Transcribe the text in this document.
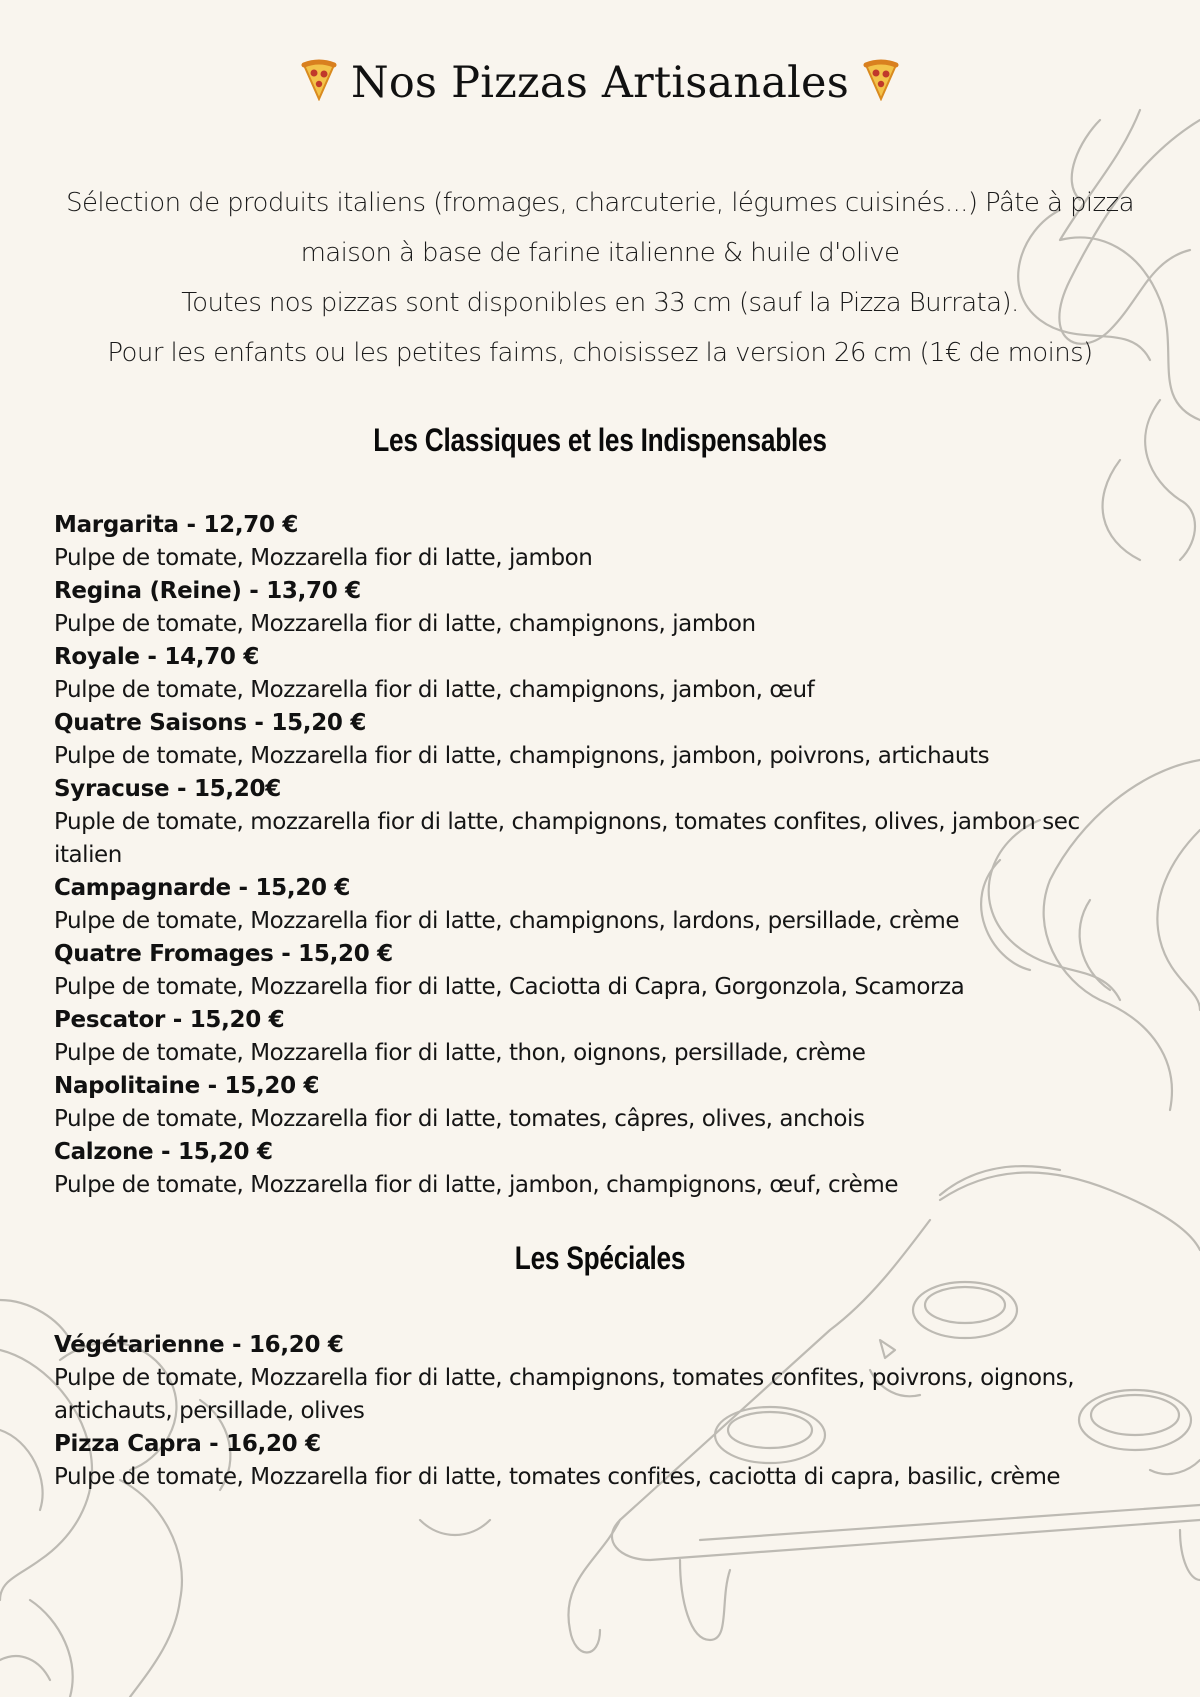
Nos Pizzas Artisanales

Sélection de produits italiens (fromages, charcuterie, légumes cuisinés...) Pâte à pizza maison à base de farine italienne & huile d'olive

Toutes nos pizzas sont disponibles en 33 cm (sauf la Pizza Burrata).

Pour les enfants ou les petites faims, choisissez la version 26 cm (1€ de moins)

Les Classiques et les Indispensables
Margarita - 12,70 €
Pulpe de tomate, Mozzarella fior di latte, jambon
Regina (Reine) - 13,70 €
Pulpe de tomate, Mozzarella fior di latte, champignons, jambon
Royale - 14,70 €
Pulpe de tomate, Mozzarella fior di latte, champignons, jambon, œuf
Quatre Saisons - 15,20 €
Pulpe de tomate, Mozzarella fior di latte, champignons, jambon, poivrons, artichauts
Syracuse - 15,20€
Puple de tomate, mozzarella fior di latte, champignons, tomates confites, olives, jambon sec italien
Campagnarde - 15,20 €
Pulpe de tomate, Mozzarella fior di latte, champignons, lardons, persillade, crème
Quatre Fromages - 15,20 €
Pulpe de tomate, Mozzarella fior di latte, Caciotta di Capra, Gorgonzola, Scamorza
Pescator - 15,20 €
Pulpe de tomate, Mozzarella fior di latte, thon, oignons, persillade, crème
Napolitaine - 15,20 €
Pulpe de tomate, Mozzarella fior di latte, tomates, câpres, olives, anchois
Calzone - 15,20 €
Pulpe de tomate, Mozzarella fior di latte, jambon, champignons, œuf, crème
Les Spéciales
Végétarienne - 16,20 €
Pulpe de tomate, Mozzarella fior di latte, champignons, tomates confites, poivrons, oignons, artichauts, persillade, olives
Pizza Capra - 16,20 €
Pulpe de tomate, Mozzarella fior di latte, tomates confites, caciotta di capra, basilic, crème
